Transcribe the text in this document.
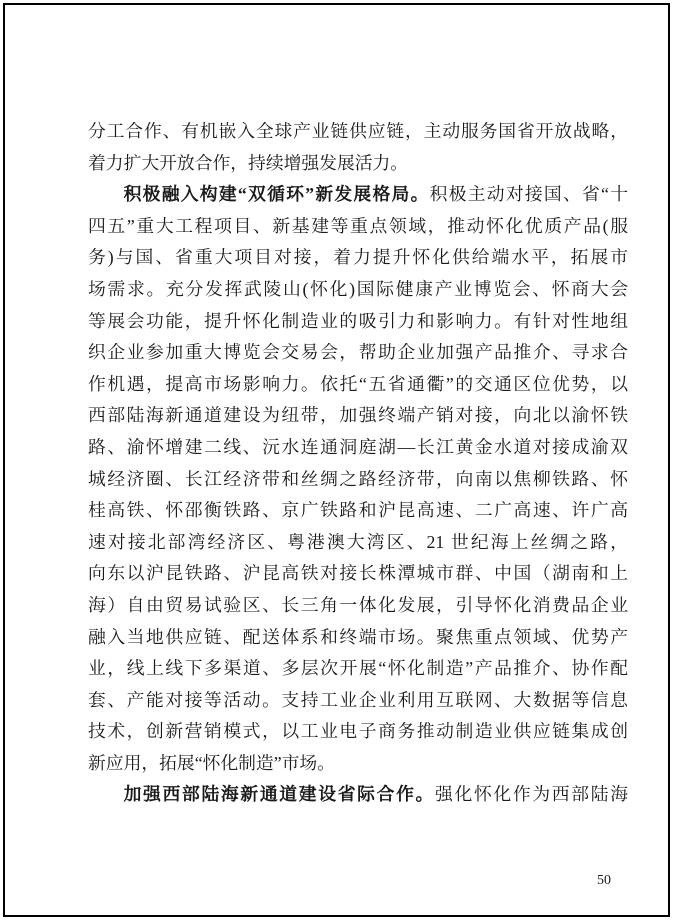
分工合作、有机嵌入全球产业链供应链，主动服务国省开放战略，
着力扩大开放合作，持续增强发展活力。
积极融入构建“双循环”新发展格局。积极主动对接国、省“十
四五”重大工程项目、新基建等重点领域，推动怀化优质产品(服
务)与国、省重大项目对接，着力提升怀化供给端水平，拓展市
场需求。充分发挥武陵山(怀化)国际健康产业博览会、怀商大会
等展会功能，提升怀化制造业的吸引力和影响力。有针对性地组
织企业参加重大博览会交易会，帮助企业加强产品推介、寻求合
作机遇，提高市场影响力。依托“五省通衢”的交通区位优势，以
西部陆海新通道建设为纽带，加强终端产销对接，向北以渝怀铁
路、渝怀增建二线、沅水连通洞庭湖—长江黄金水道对接成渝双
城经济圈、长江经济带和丝绸之路经济带，向南以焦柳铁路、怀
桂高铁、怀邵衡铁路、京广铁路和沪昆高速、二广高速、许广高
速对接北部湾经济区、粤港澳大湾区、21 世纪海上丝绸之路，
向东以沪昆铁路、沪昆高铁对接长株潭城市群、中国（湖南和上
海）自由贸易试验区、长三角一体化发展，引导怀化消费品企业
融入当地供应链、配送体系和终端市场。聚焦重点领域、优势产
业，线上线下多渠道、多层次开展“怀化制造”产品推介、协作配
套、产能对接等活动。支持工业企业利用互联网、大数据等信息
技术，创新营销模式，以工业电子商务推动制造业供应链集成创
新应用，拓展“怀化制造”市场。
加强西部陆海新通道建设省际合作。强化怀化作为西部陆海
50
